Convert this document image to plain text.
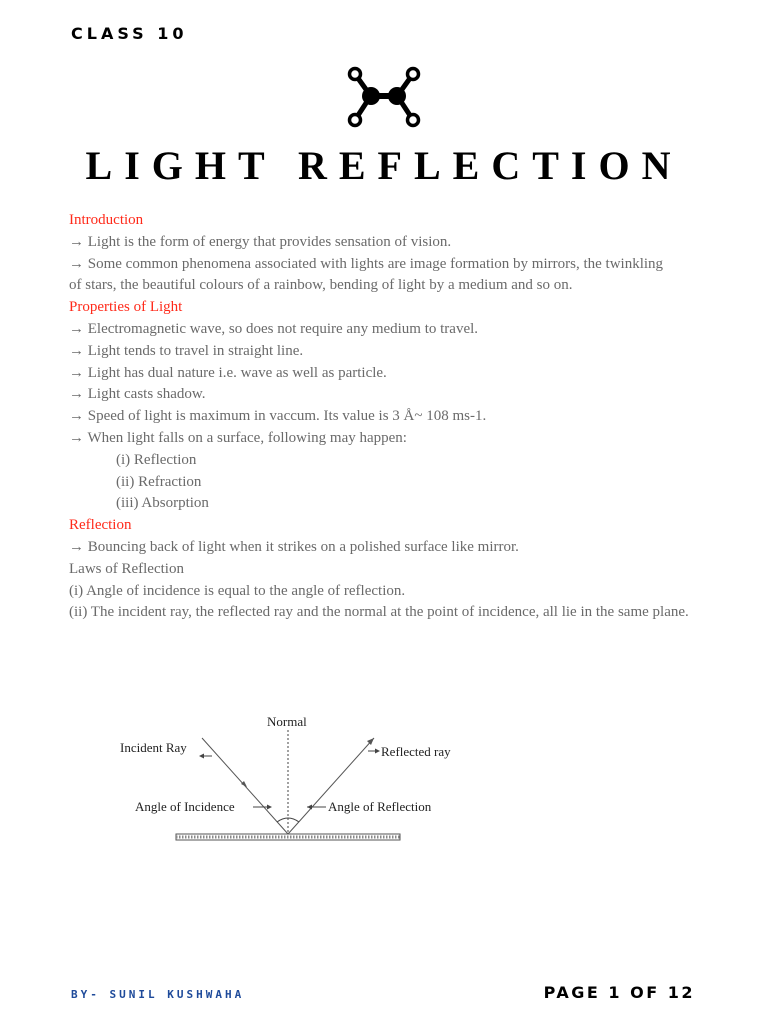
CLASS 10
LIGHT REFLECTION

Introduction

→ Light is the form of energy that provides sensation of vision.

→ Some common phenomena associated with lights are image formation by mirrors, the twinkling

of stars, the beautiful colours of a rainbow, bending of light by a medium and so on.

Properties of Light

→ Electromagnetic wave, so does not require any medium to travel.

→ Light tends to travel in straight line.

→ Light has dual nature i.e. wave as well as particle.

→ Light casts shadow.

→ Speed of light is maximum in vaccum. Its value is 3 Å~ 108 ms-1.

→ When light falls on a surface, following may happen:

(i) Reflection

(ii) Refraction

(iii) Absorption

Reflection

→ Bouncing back of light when it strikes on a polished surface like mirror.

Laws of Reflection

(i) Angle of incidence is equal to the angle of reflection.

(ii) The incident ray, the reflected ray and the normal at the point of incidence, all lie in the same plane.

Normal
Incident Ray	Reflected ray
Angle of Incidence	Angle of Reflection
BY- SUNIL KUSHWAHA	PAGE 1 OF 12
